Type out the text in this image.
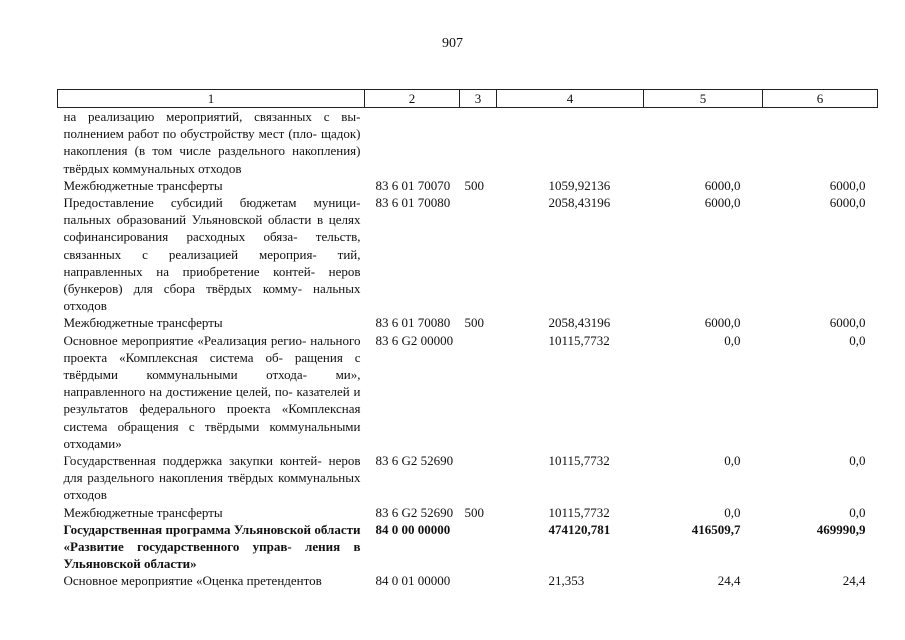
907
1	2	3	4	5	6
на реализацию мероприятий, связанных с вы- полнением работ по обустройству мест (пло- щадок) накопления (в том числе раздельного накопления) твёрдых коммунальных отходов					
Межбюджетные трансферты	83 6 01 70070	500	1059,92136	6000,0	6000,0
Предоставление субсидий бюджетам муници- пальных образований Ульяновской области в целях софинансирования расходных обяза- тельств, связанных с реализацией мероприя- тий, направленных на приобретение контей- неров (бункеров) для сбора твёрдых комму- нальных отходов	83 6 01 70080		2058,43196	6000,0	6000,0
Межбюджетные трансферты	83 6 01 70080	500	2058,43196	6000,0	6000,0
Основное мероприятие «Реализация регио- нального проекта «Комплексная система об- ращения с твёрдыми коммунальными отхода- ми», направленного на достижение целей, по- казателей и результатов федерального проекта «Комплексная система обращения с твёрдыми коммунальными отходами»	83 6 G2 00000		10115,7732	0,0	0,0
Государственная поддержка закупки контей- неров для раздельного накопления твёрдых коммунальных отходов	83 6 G2 52690		10115,7732	0,0	0,0
Межбюджетные трансферты	83 6 G2 52690	500	10115,7732	0,0	0,0
Государственная программа Ульяновской области «Развитие государственного управ- ления в Ульяновской области»	84 0 00 00000		474120,781	416509,7	469990,9
Основное мероприятие «Оценка претендентов	84 0 01 00000		21,353	24,4	24,4
